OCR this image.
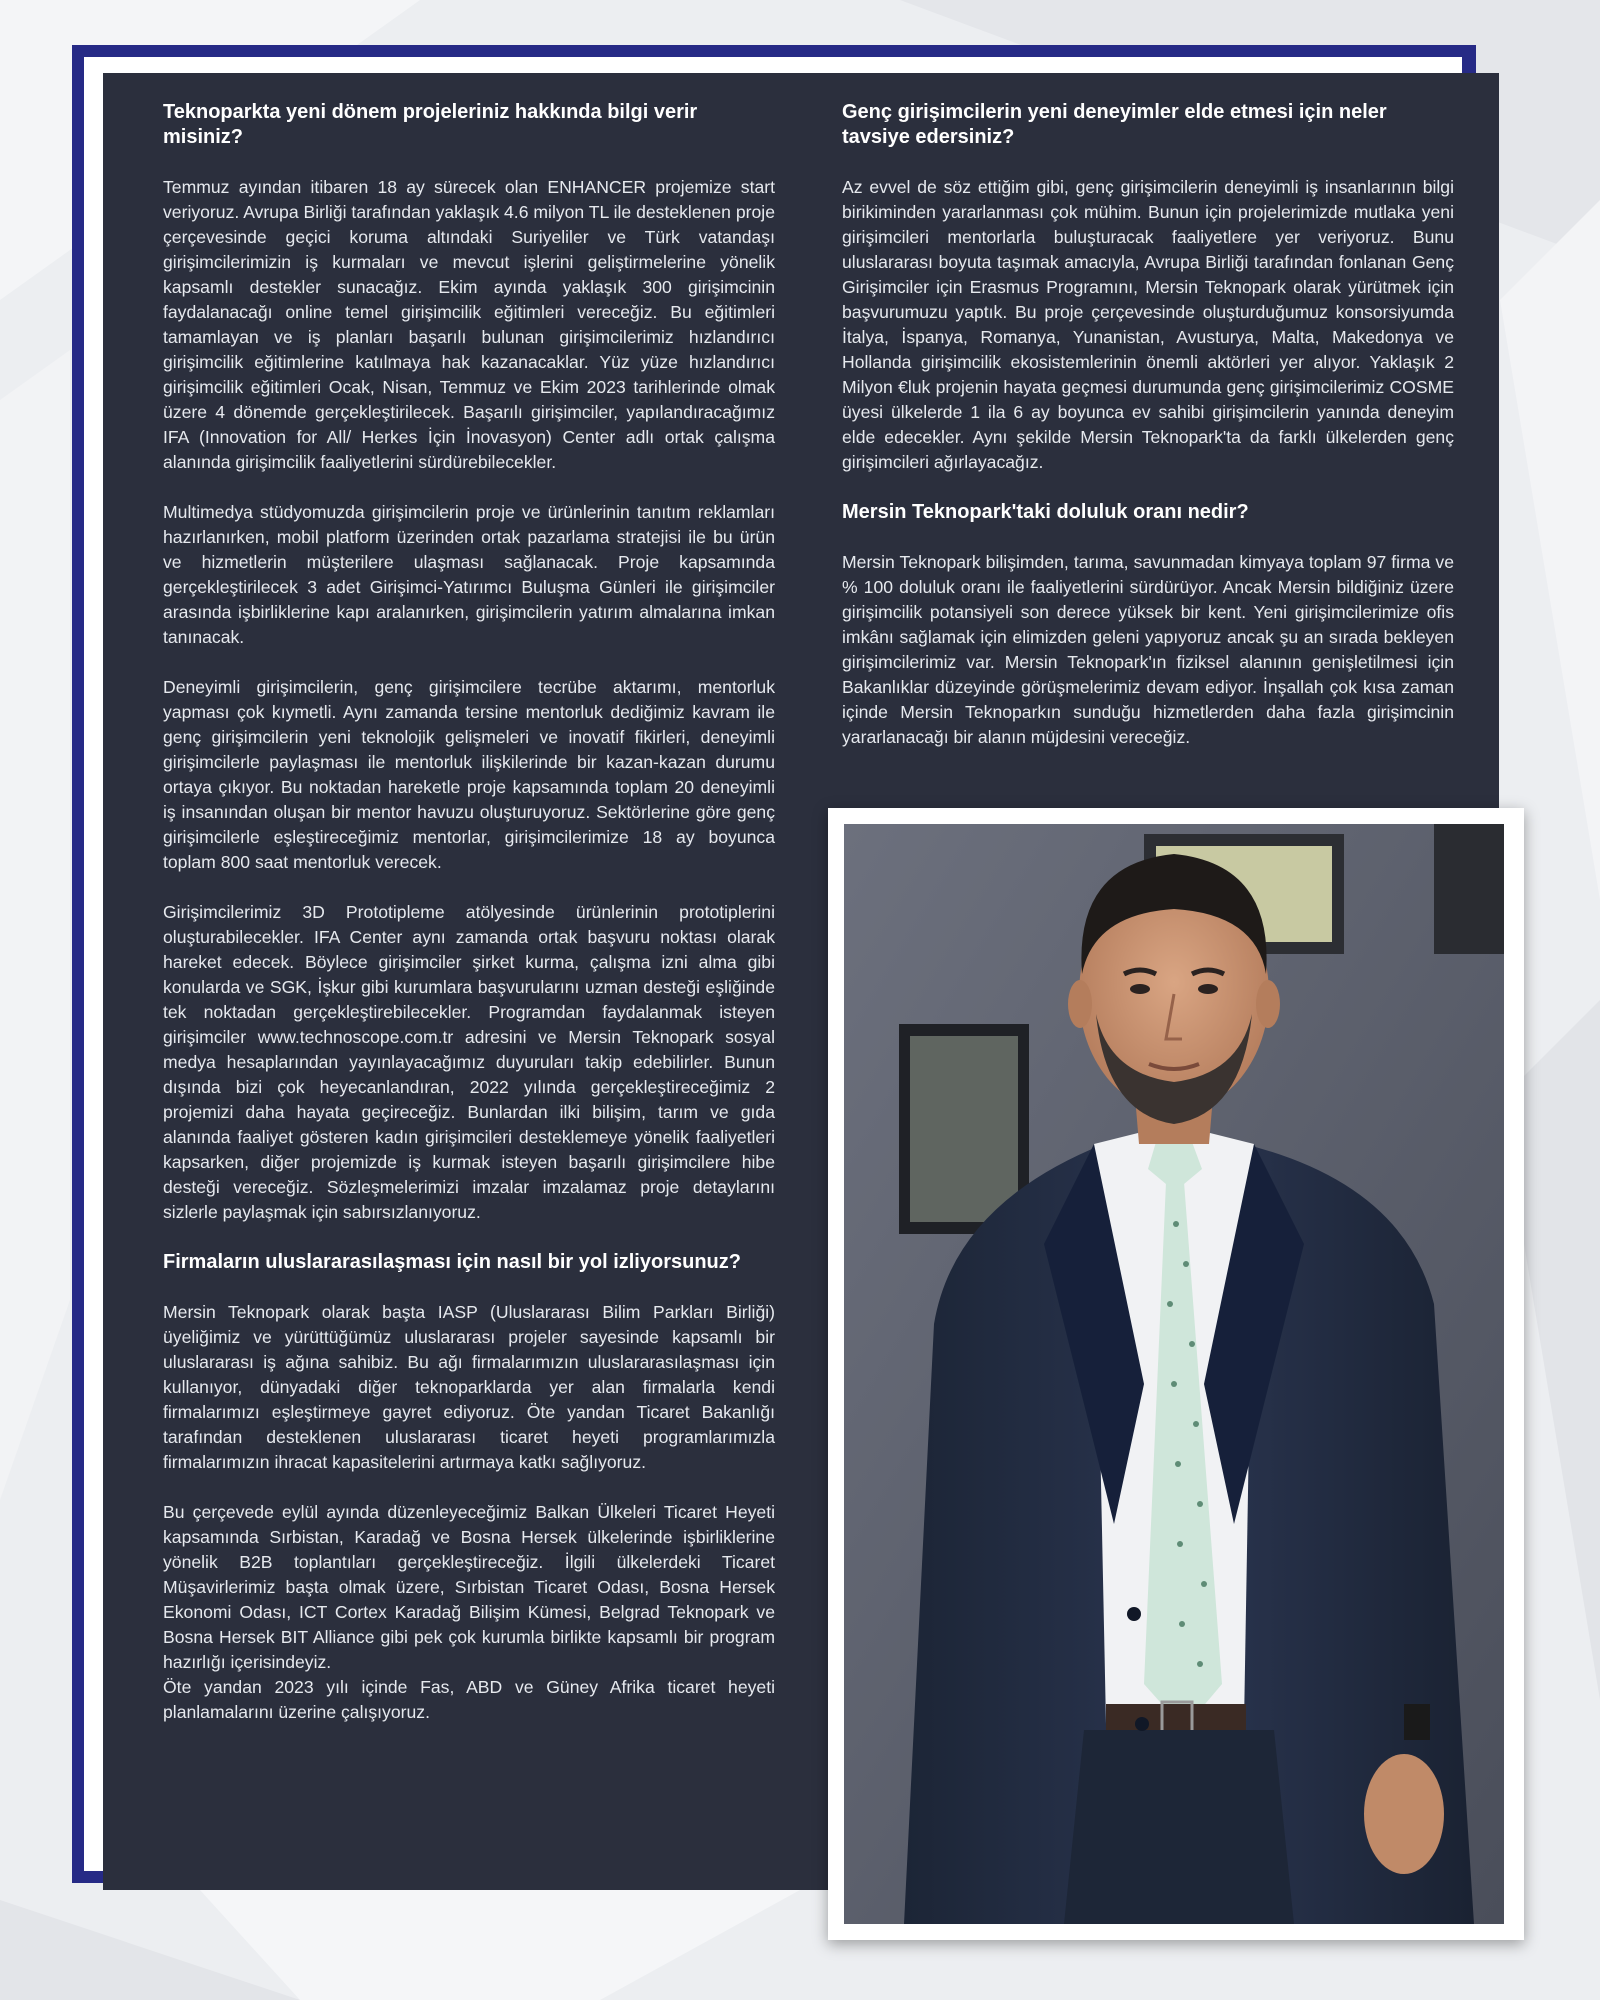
Teknoparkta yeni dönem projeleriniz hakkında bilgi verir misiniz?

Temmuz ayından itibaren 18 ay sürecek olan ENHANCER projemize start veriyoruz. Avrupa Birliği tarafından yaklaşık 4.6 milyon TL ile desteklenen proje çerçevesinde geçici koruma altındaki Suriyeliler ve Türk vatandaşı girişimcilerimizin iş kurmaları ve mevcut işlerini geliştirmelerine yönelik kapsamlı destekler sunacağız. Ekim ayında yaklaşık 300 girişimcinin faydalanacağı online temel girişimcilik eğitimleri vereceğiz. Bu eğitimleri tamamlayan ve iş planları başarılı bulunan girişimcilerimiz hızlandırıcı girişimcilik eğitimlerine katılmaya hak kazanacaklar. Yüz yüze hızlandırıcı girişimcilik eğitimleri Ocak, Nisan, Temmuz ve Ekim 2023 tarihlerinde olmak üzere 4 dönemde gerçekleştirilecek. Başarılı girişimciler, yapılandıracağımız IFA (Innovation for All/ Herkes İçin İnovasyon) Center adlı ortak çalışma alanında girişimcilik faaliyetlerini sürdürebilecekler.

Multimedya stüdyomuzda girişimcilerin proje ve ürünlerinin tanıtım reklamları hazırlanırken, mobil platform üzerinden ortak pazarlama stratejisi ile bu ürün ve hizmetlerin müşterilere ulaşması sağlanacak. Proje kapsamında gerçekleştirilecek 3 adet Girişimci-Yatırımcı Buluşma Günleri ile girişimciler arasında işbirliklerine kapı aralanırken, girişimcilerin yatırım almalarına imkan tanınacak.

Deneyimli girişimcilerin, genç girişimcilere tecrübe aktarımı, mentorluk yapması çok kıymetli. Aynı zamanda tersine mentorluk dediğimiz kavram ile genç girişimcilerin yeni teknolojik gelişmeleri ve inovatif fikirleri, deneyimli girişimcilerle paylaşması ile mentorluk ilişkilerinde bir kazan-kazan durumu ortaya çıkıyor. Bu noktadan hareketle proje kapsamında toplam 20 deneyimli iş insanından oluşan bir mentor havuzu oluşturuyoruz. Sektörlerine göre genç girişimcilerle eşleştireceğimiz mentorlar, girişimcilerimize 18 ay boyunca toplam 800 saat mentorluk verecek.

Girişimcilerimiz 3D Prototipleme atölyesinde ürünlerinin prototiplerini oluşturabilecekler. IFA Center aynı zamanda ortak başvuru noktası olarak hareket edecek. Böylece girişimciler şirket kurma, çalışma izni alma gibi konularda ve SGK, İşkur gibi kurumlara başvurularını uzman desteği eşliğinde tek noktadan gerçekleştirebilecekler. Programdan faydalanmak isteyen girişimciler www.technoscope.com.tr adresini ve Mersin Teknopark sosyal medya hesaplarından yayınlayacağımız duyuruları takip edebilirler. Bunun dışında bizi çok heyecanlandıran, 2022 yılında gerçekleştireceğimiz 2 projemizi daha hayata geçireceğiz. Bunlardan ilki bilişim, tarım ve gıda alanında faaliyet gösteren kadın girişimcileri desteklemeye yönelik faaliyetleri kapsarken, diğer projemizde iş kurmak isteyen başarılı girişimcilere hibe desteği vereceğiz. Sözleşmelerimizi imzalar imzalamaz proje detaylarını sizlerle paylaşmak için sabırsızlanıyoruz.

Firmaların uluslararasılaşması için nasıl bir yol izliyorsunuz?

Mersin Teknopark olarak başta IASP (Uluslararası Bilim Parkları Birliği) üyeliğimiz ve yürüttüğümüz uluslararası projeler sayesinde kapsamlı bir uluslararası iş ağına sahibiz. Bu ağı firmalarımızın uluslararasılaşması için kullanıyor, dünyadaki diğer teknoparklarda yer alan firmalarla kendi firmalarımızı eşleştirmeye gayret ediyoruz. Öte yandan Ticaret Bakanlığı tarafından desteklenen uluslararası ticaret heyeti programlarımızla firmalarımızın ihracat kapasitelerini artırmaya katkı sağlıyoruz.

Bu çerçevede eylül ayında düzenleyeceğimiz Balkan Ülkeleri Ticaret Heyeti kapsamında Sırbistan, Karadağ ve Bosna Hersek ülkelerinde işbirliklerine yönelik B2B toplantıları gerçekleştireceğiz. İlgili ülkelerdeki Ticaret Müşavirlerimiz başta olmak üzere, Sırbistan Ticaret Odası, Bosna Hersek Ekonomi Odası, ICT Cortex Karadağ Bilişim Kümesi, Belgrad Teknopark ve Bosna Hersek BIT Alliance gibi pek çok kurumla birlikte kapsamlı bir program hazırlığı içerisindeyiz.

Öte yandan 2023 yılı içinde Fas, ABD ve Güney Afrika ticaret heyeti planlamalarını üzerine çalışıyoruz.

Genç girişimcilerin yeni deneyimler elde etmesi için neler tavsiye edersiniz?

Az evvel de söz ettiğim gibi, genç girişimcilerin deneyimli iş insanlarının bilgi birikiminden yararlanması çok mühim. Bunun için projelerimizde mutlaka yeni girişimcileri mentorlarla buluşturacak faaliyetlere yer veriyoruz. Bunu uluslararası boyuta taşımak amacıyla, Avrupa Birliği tarafından fonlanan Genç Girişimciler için Erasmus Programını, Mersin Teknopark olarak yürütmek için başvurumuzu yaptık. Bu proje çerçevesinde oluşturduğumuz konsorsiyumda İtalya, İspanya, Romanya, Yunanistan, Avusturya, Malta, Makedonya ve Hollanda girişimcilik ekosistemlerinin önemli aktörleri yer alıyor. Yaklaşık 2 Milyon €luk projenin hayata geçmesi durumunda genç girişimcilerimiz COSME üyesi ülkelerde 1 ila 6 ay boyunca ev sahibi girişimcilerin yanında deneyim elde edecekler. Aynı şekilde Mersin Teknopark'ta da farklı ülkelerden genç girişimcileri ağırlayacağız.

Mersin Teknopark'taki doluluk oranı nedir?

Mersin Teknopark bilişimden, tarıma, savunmadan kimyaya toplam 97 firma ve % 100 doluluk oranı ile faaliyetlerini sürdürüyor. Ancak Mersin bildiğiniz üzere girişimcilik potansiyeli son derece yüksek bir kent. Yeni girişimcilerimize ofis imkânı sağlamak için elimizden geleni yapıyoruz ancak şu an sırada bekleyen girişimcilerimiz var. Mersin Teknopark'ın fiziksel alanının genişletilmesi için Bakanlıklar düzeyinde görüşmelerimiz devam ediyor. İnşallah çok kısa zaman içinde Mersin Teknoparkın sunduğu hizmetlerden daha fazla girişimcinin yararlanacağı bir alanın müjdesini vereceğiz.
